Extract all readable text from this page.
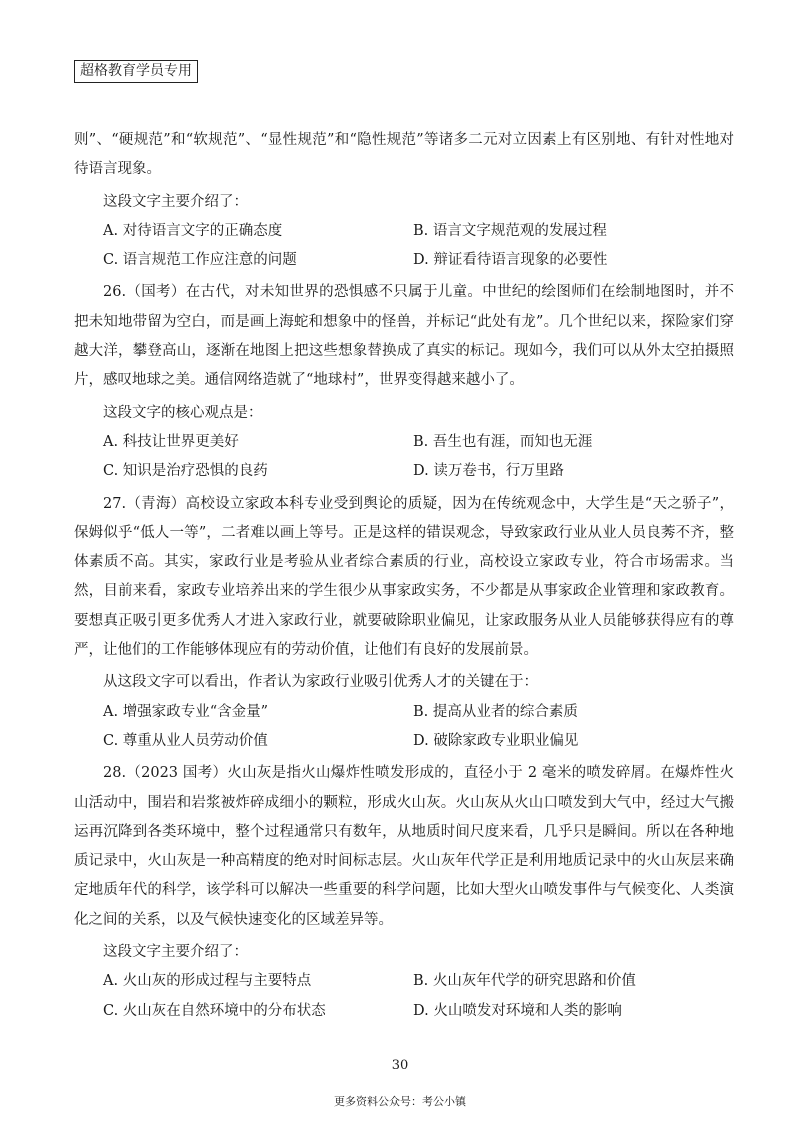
超格教育学员专用

则”、“硬规范”和“软规范”、“显性规范”和“隐性规范”等诸多二元对立因素上有区别地、有针对性地对待语言现象。

这段文字主要介绍了：

A. 对待语言文字的正确态度	B. 语言文字规范观的发展过程
C. 语言规范工作应注意的问题	D. 辩证看待语言现象的必要性

26.（国考）在古代，对未知世界的恐惧感不只属于儿童。中世纪的绘图师们在绘制地图时，并不把未知地带留为空白，而是画上海蛇和想象中的怪兽，并标记“此处有龙”。几个世纪以来，探险家们穿越大洋，攀登高山，逐渐在地图上把这些想象替换成了真实的标记。现如今，我们可以从外太空拍摄照片，感叹地球之美。通信网络造就了“地球村”，世界变得越来越小了。

这段文字的核心观点是：

A. 科技让世界更美好	B. 吾生也有涯，而知也无涯
C. 知识是治疗恐惧的良药	D. 读万卷书，行万里路

27.（青海）高校设立家政本科专业受到舆论的质疑，因为在传统观念中，大学生是“天之骄子”，保姆似乎“低人一等”，二者难以画上等号。正是这样的错误观念，导致家政行业从业人员良莠不齐，整体素质不高。其实，家政行业是考验从业者综合素质的行业，高校设立家政专业，符合市场需求。当然，目前来看，家政专业培养出来的学生很少从事家政实务，不少都是从事家政企业管理和家政教育。要想真正吸引更多优秀人才进入家政行业，就要破除职业偏见，让家政服务从业人员能够获得应有的尊严，让他们的工作能够体现应有的劳动价值，让他们有良好的发展前景。

从这段文字可以看出，作者认为家政行业吸引优秀人才的关键在于：

A. 增强家政专业“含金量”	B. 提高从业者的综合素质
C. 尊重从业人员劳动价值	D. 破除家政专业职业偏见

28.（2023 国考）火山灰是指火山爆炸性喷发形成的，直径小于 2 毫米的喷发碎屑。在爆炸性火山活动中，围岩和岩浆被炸碎成细小的颗粒，形成火山灰。火山灰从火山口喷发到大气中，经过大气搬运再沉降到各类环境中，整个过程通常只有数年，从地质时间尺度来看，几乎只是瞬间。所以在各种地质记录中，火山灰是一种高精度的绝对时间标志层。火山灰年代学正是利用地质记录中的火山灰层来确定地质年代的科学，该学科可以解决一些重要的科学问题，比如大型火山喷发事件与气候变化、人类演化之间的关系，以及气候快速变化的区域差异等。

这段文字主要介绍了：

A. 火山灰的形成过程与主要特点	B. 火山灰年代学的研究思路和价值
C. 火山灰在自然环境中的分布状态	D. 火山喷发对环境和人类的影响
30
更多资料公众号：考公小镇
